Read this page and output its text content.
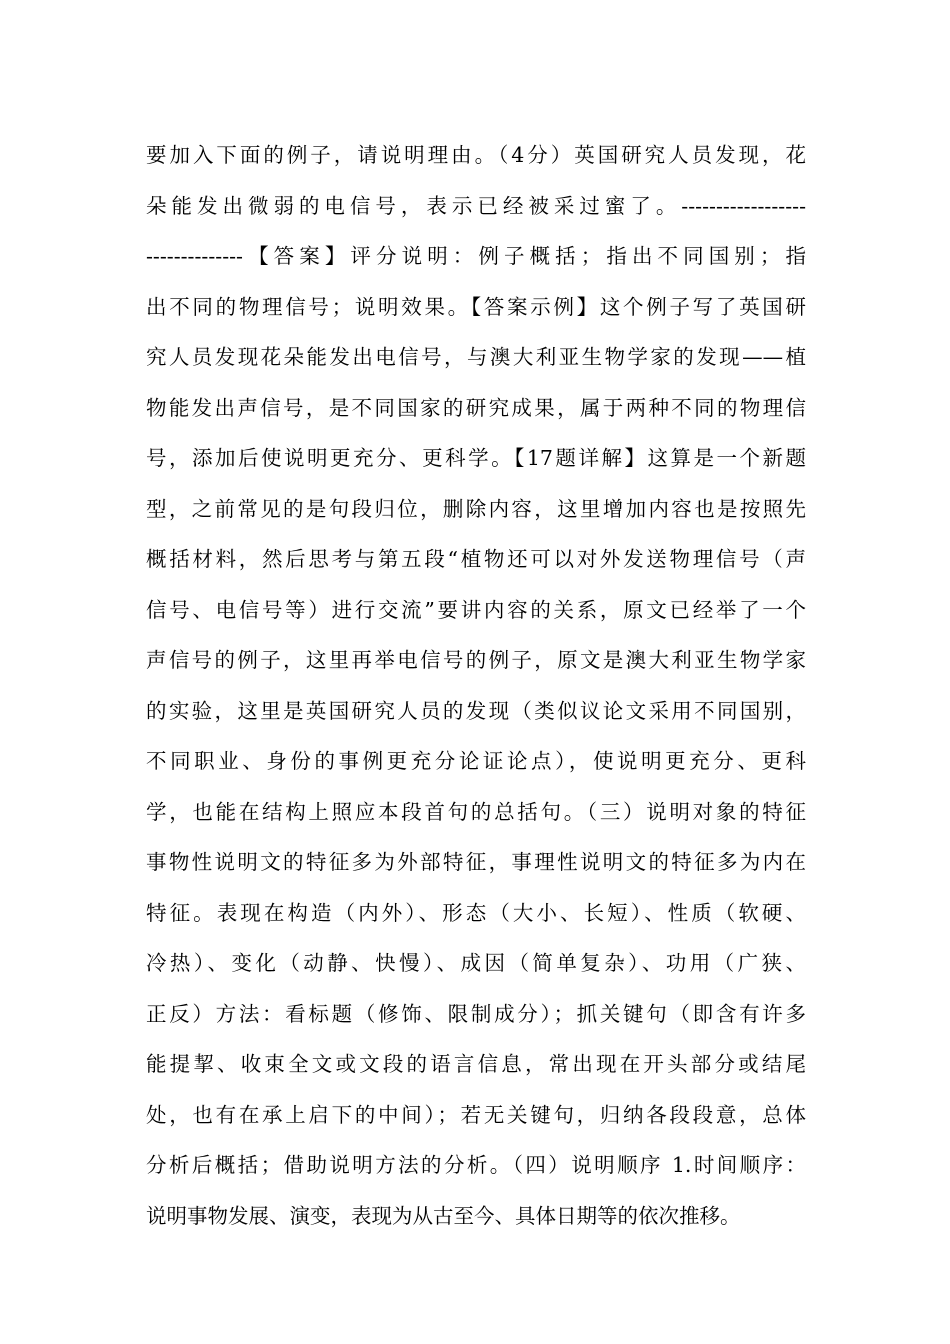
要加入下面的例子，请说明理由。（4分）英国研究人员发现，花
朵能发出微弱的电信号，表示已经被采过蜜了。------------------
--------------【答案】评分说明：例子概括；指出不同国别；指
出不同的物理信号；说明效果。【答案示例】这个例子写了英国研
究人员发现花朵能发出电信号，与澳大利亚生物学家的发现——植
物能发出声信号，是不同国家的研究成果，属于两种不同的物理信
号，添加后使说明更充分、更科学。【17题详解】这算是一个新题
型，之前常见的是句段归位，删除内容，这里增加内容也是按照先
概括材料，然后思考与第五段“植物还可以对外发送物理信号（声
信号、电信号等）进行交流”要讲内容的关系，原文已经举了一个
声信号的例子，这里再举电信号的例子，原文是澳大利亚生物学家
的实验，这里是英国研究人员的发现（类似议论文采用不同国别，
不同职业、身份的事例更充分论证论点），使说明更充分、更科
学，也能在结构上照应本段首句的总括句。（三）说明对象的特征
事物性说明文的特征多为外部特征，事理性说明文的特征多为内在
特征。表现在构造（内外）、形态（大小、长短）、性质（软硬、
冷热）、变化（动静、快慢）、成因（简单复杂）、功用（广狭、
正反）方法：看标题（修饰、限制成分）；抓关键句（即含有许多
能提挈、收束全文或文段的语言信息，常出现在开头部分或结尾
处，也有在承上启下的中间）；若无关键句，归纳各段段意，总体
分析后概括；借助说明方法的分析。（四）说明顺序 1.时间顺序：
说明事物发展、演变，表现为从古至今、具体日期等的依次推移。
